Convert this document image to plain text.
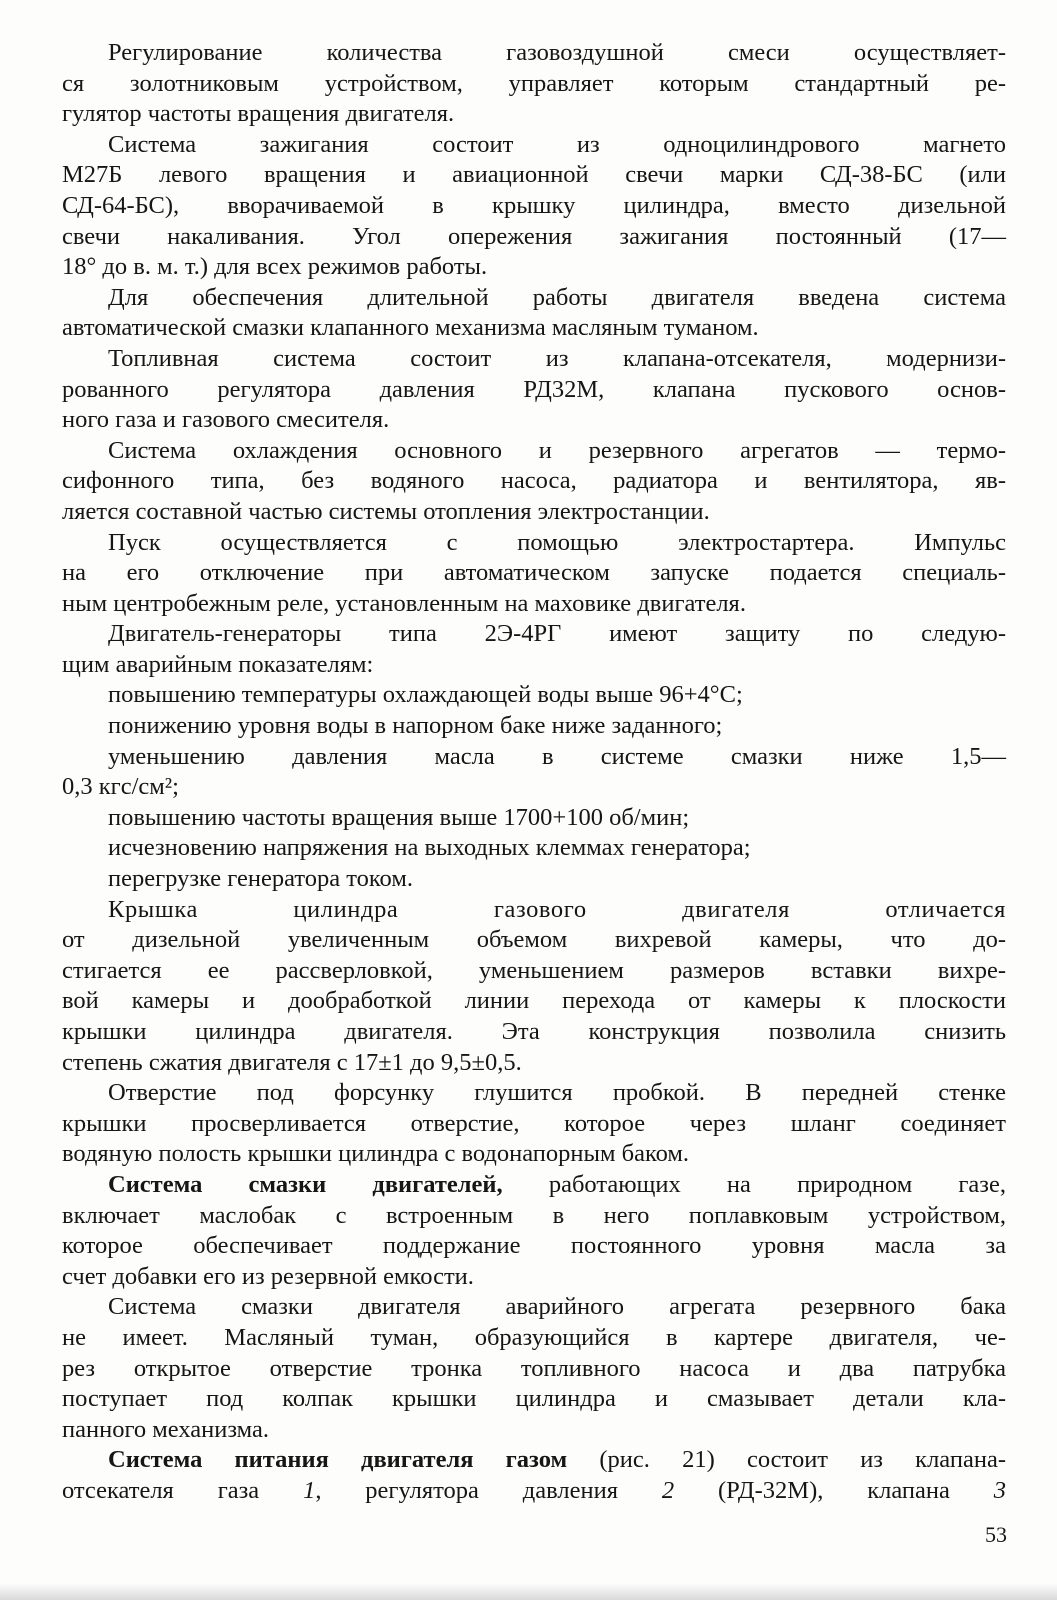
Регулирование количества газовоздушной смеси осуществляет-
ся золотниковым устройством, управляет которым стандартный ре-
гулятор частоты вращения двигателя.
Система зажигания состоит из одноцилиндрового магнето
М27Б левого вращения и авиационной свечи марки СД-38-БС (или
СД-64-БС), вворачиваемой в крышку цилиндра, вместо дизельной
свечи накаливания. Угол опережения зажигания постоянный (17—
18° до в. м. т.) для всех режимов работы.
Для обеспечения длительной работы двигателя введена система
автоматической смазки клапанного механизма масляным туманом.
Топливная система состоит из клапана-отсекателя, модернизи-
рованного регулятора давления РД32М, клапана пускового основ-
ного газа и газового смесителя.
Система охлаждения основного и резервного агрегатов — термо-
сифонного типа, без водяного насоса, радиатора и вентилятора, яв-
ляется составной частью системы отопления электростанции.
Пуск осуществляется с помощью электростартера. Импульс
на его отключение при автоматическом запуске подается специаль-
ным центробежным реле, установленным на маховике двигателя.
Двигатель-генераторы типа 2Э-4РГ имеют защиту по следую-
щим аварийным показателям:
повышению температуры охлаждающей воды выше 96+4°С;
понижению уровня воды в напорном баке ниже заданного;
уменьшению давления масла в системе смазки ниже 1,5—
0,3 кгс/см²;
повышению частоты вращения выше 1700+100 об/мин;
исчезновению напряжения на выходных клеммах генератора;
перегрузке генератора током.
Крышка цилиндра газового двигателя отличается
от дизельной увеличенным объемом вихревой камеры, что до-
стигается ее рассверловкой, уменьшением размеров вставки вихре-
вой камеры и дообработкой линии перехода от камеры к плоскости
крышки цилиндра двигателя. Эта конструкция позволила снизить
степень сжатия двигателя с 17±1 до 9,5±0,5.
Отверстие под форсунку глушится пробкой. В передней стенке
крышки просверливается отверстие, которое через шланг соединяет
водяную полость крышки цилиндра с водонапорным баком.
Система смазки двигателей, работающих на природном газе,
включает маслобак с встроенным в него поплавковым устройством,
которое обеспечивает поддержание постоянного уровня масла за
счет добавки его из резервной емкости.
Система смазки двигателя аварийного агрегата резервного бака
не имеет. Масляный туман, образующийся в картере двигателя, че-
рез открытое отверстие тронка топливного насоса и два патрубка
поступает под колпак крышки цилиндра и смазывает детали кла-
панного механизма.
Система питания двигателя газом (рис. 21) состоит из клапана-
отсекателя газа 1, регулятора давления 2 (РД-32М), клапана 3
53
